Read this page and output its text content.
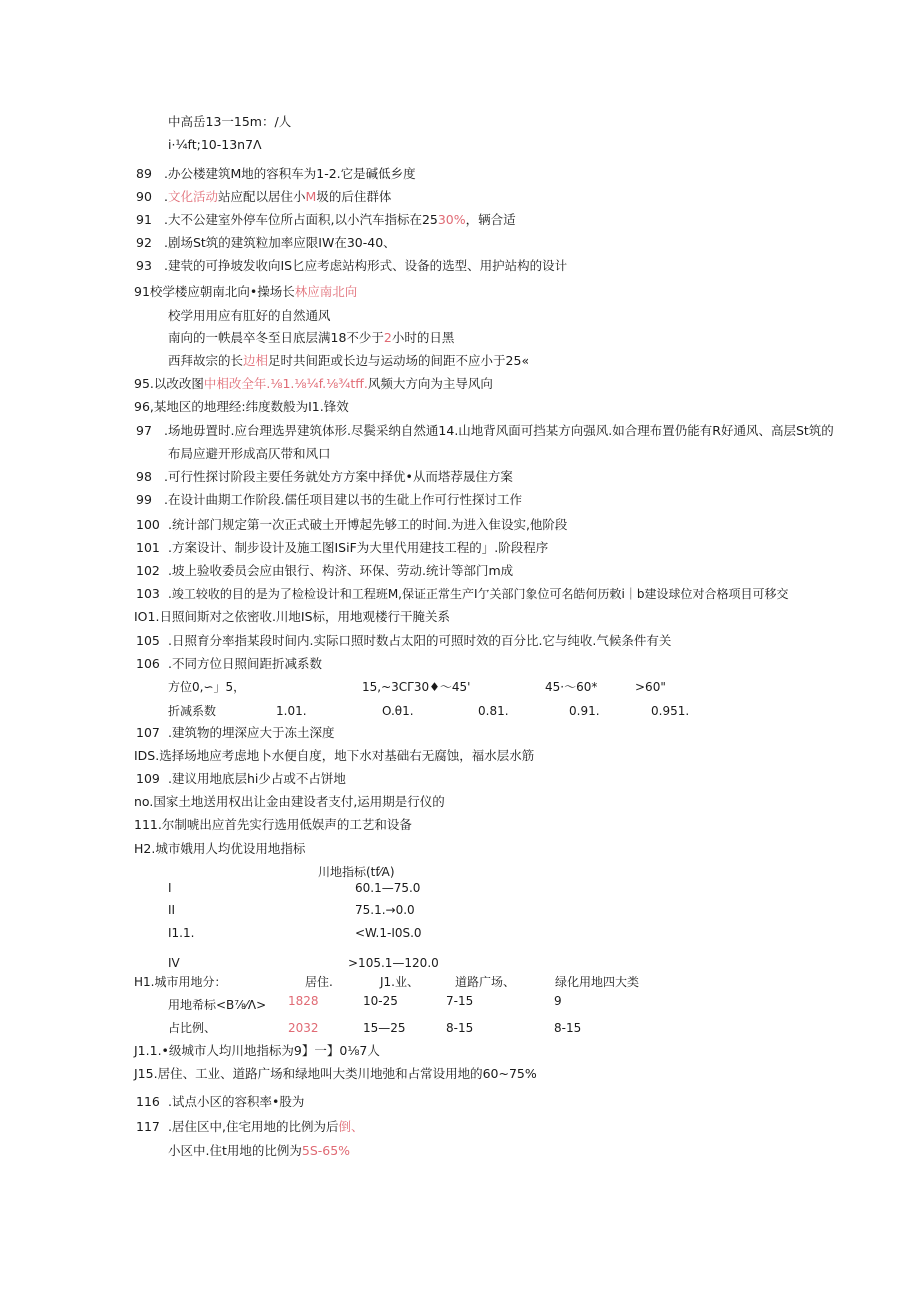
中高岳13一15m：/人
i·¼ft;10-13n7Λ
89 .办公楼建筑M地的容积车为1-2.它是碱低乡度
90 .文化活动站应配以居住小M圾的后住群体
91 .大不公建室外停车位所占面积,以小汽车指标在2530%，辆合适
92 .剧场St筑的建筑粒加率应限IW在30-40、
93 .建茕的可挣坡发收向IS匕应考虑站构形式、设备的选型、用护站构的设计
91校学楼应朝南北向•操场长林应南北向
校学用用应有肛好的自然通风
南向的一帙晨卒冬至日底层满18不少于2小时的日黑
西拜故宗的长边相足时共间距或长边与运动场的间距不应小于25«
95.以改改图中相改全年.⅛1.⅛¼f.⅛¾tff.风频大方向为主导风向
96,某地区的地理经:纬度数般为I1.锋效
97 .场地毋置时.应台理选畀建筑体形.尽鬓采纳自然通14.山地背风面可挡某方向强风.如合理布置仍能有R好通风、高层St筑的
布局应避开形成高仄带和风口
98 .可行性探讨阶段主要任务就处方方案中择优•从而塔荐晟住方案
99 .在设计曲期工作阶段.儒任项目建以书的生砒上作可行性探讨工作
100 .统计部门规定第一次正式破土开博起先够工的时间.为进入隹设实,他阶段
101 .方案设计、制步设计及施工图ISiF为大里代用建技工程的」.阶段程序
102 .坡上验收委员会应由银行、构济、环保、劳动.统计等部门m成
103 .竣工较收的目的是为了检检设计和工程班M,保证正常生产I亇关部门象位可名皓何历敕i｜b建设球位对合格项目可移交
IO1.日照间斯对之依密收.川地IS标，用地观楼行干腌关系
105 .日照育分率指某段时间内.实际口照时数占太阳的可照时效的百分比.它与纯收.气候条件有关
106 .不同方位日照间距折减系数
方位0,∽」5，	15,~3CΓ30♦～45'	45·〜60*	>60"
折减系数	1.01.	O.θ1.	0.81.	0.91.	0.951.
107 .建筑物的埋深应大于冻土深度
IDS.选择场地应考虑地卜水便自度，地下水对基础右无腐蚀，福水层水筋
109 .建议用地底层hi少占或不占饼地
no.国家土地送用权出让金由建设者支付,运用期是行仪的
111.尔制唬出应首先实行选用低娱声的工艺和设备
H2.城市娥用人均优设用地指标
川地指标(tf⁄A)
I	60.1—75.0
II	75.1.→0.0
I1.1.	<W.1-I0S.0
IV	>105.1—120.0
H1.城市用地分：	居住.	J1.业、	道路广场、	绿化用地四大类
用地希标<B⅞⁄Λ> 1828	10-25	7-15	9
占比例、	2032	15—25	8-15	8-15
J1.1.•级城市人均川地指标为9】一】0⅛7人
J15.居住、工业、道路广场和绿地叫大类川地弛和占常设用地的60~75%
116 .试点小区的容积率•股为
117 .居住区中,住宅用地的比例为后倒、
小区中.住t用地的比例为5S-65%
